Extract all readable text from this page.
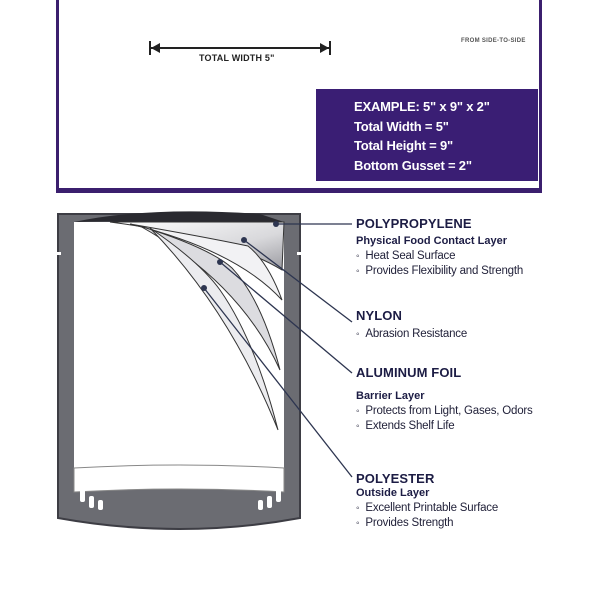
TOTAL WIDTH 5"
FROM SIDE-TO-SIDE
EXAMPLE: 5" x 9" x 2"
Total Width = 5"
Total Height = 9"
Bottom Gusset = 2"
POLYPROPYLENE
Physical Food Contact Layer
◦ Heat Seal Surface
◦ Provides Flexibility and Strength
NYLON
◦ Abrasion Resistance
ALUMINUM FOIL
Barrier Layer
◦ Protects from Light, Gases, Odors
◦ Extends Shelf Life
POLYESTER
Outside Layer
◦ Excellent Printable Surface
◦ Provides Strength
